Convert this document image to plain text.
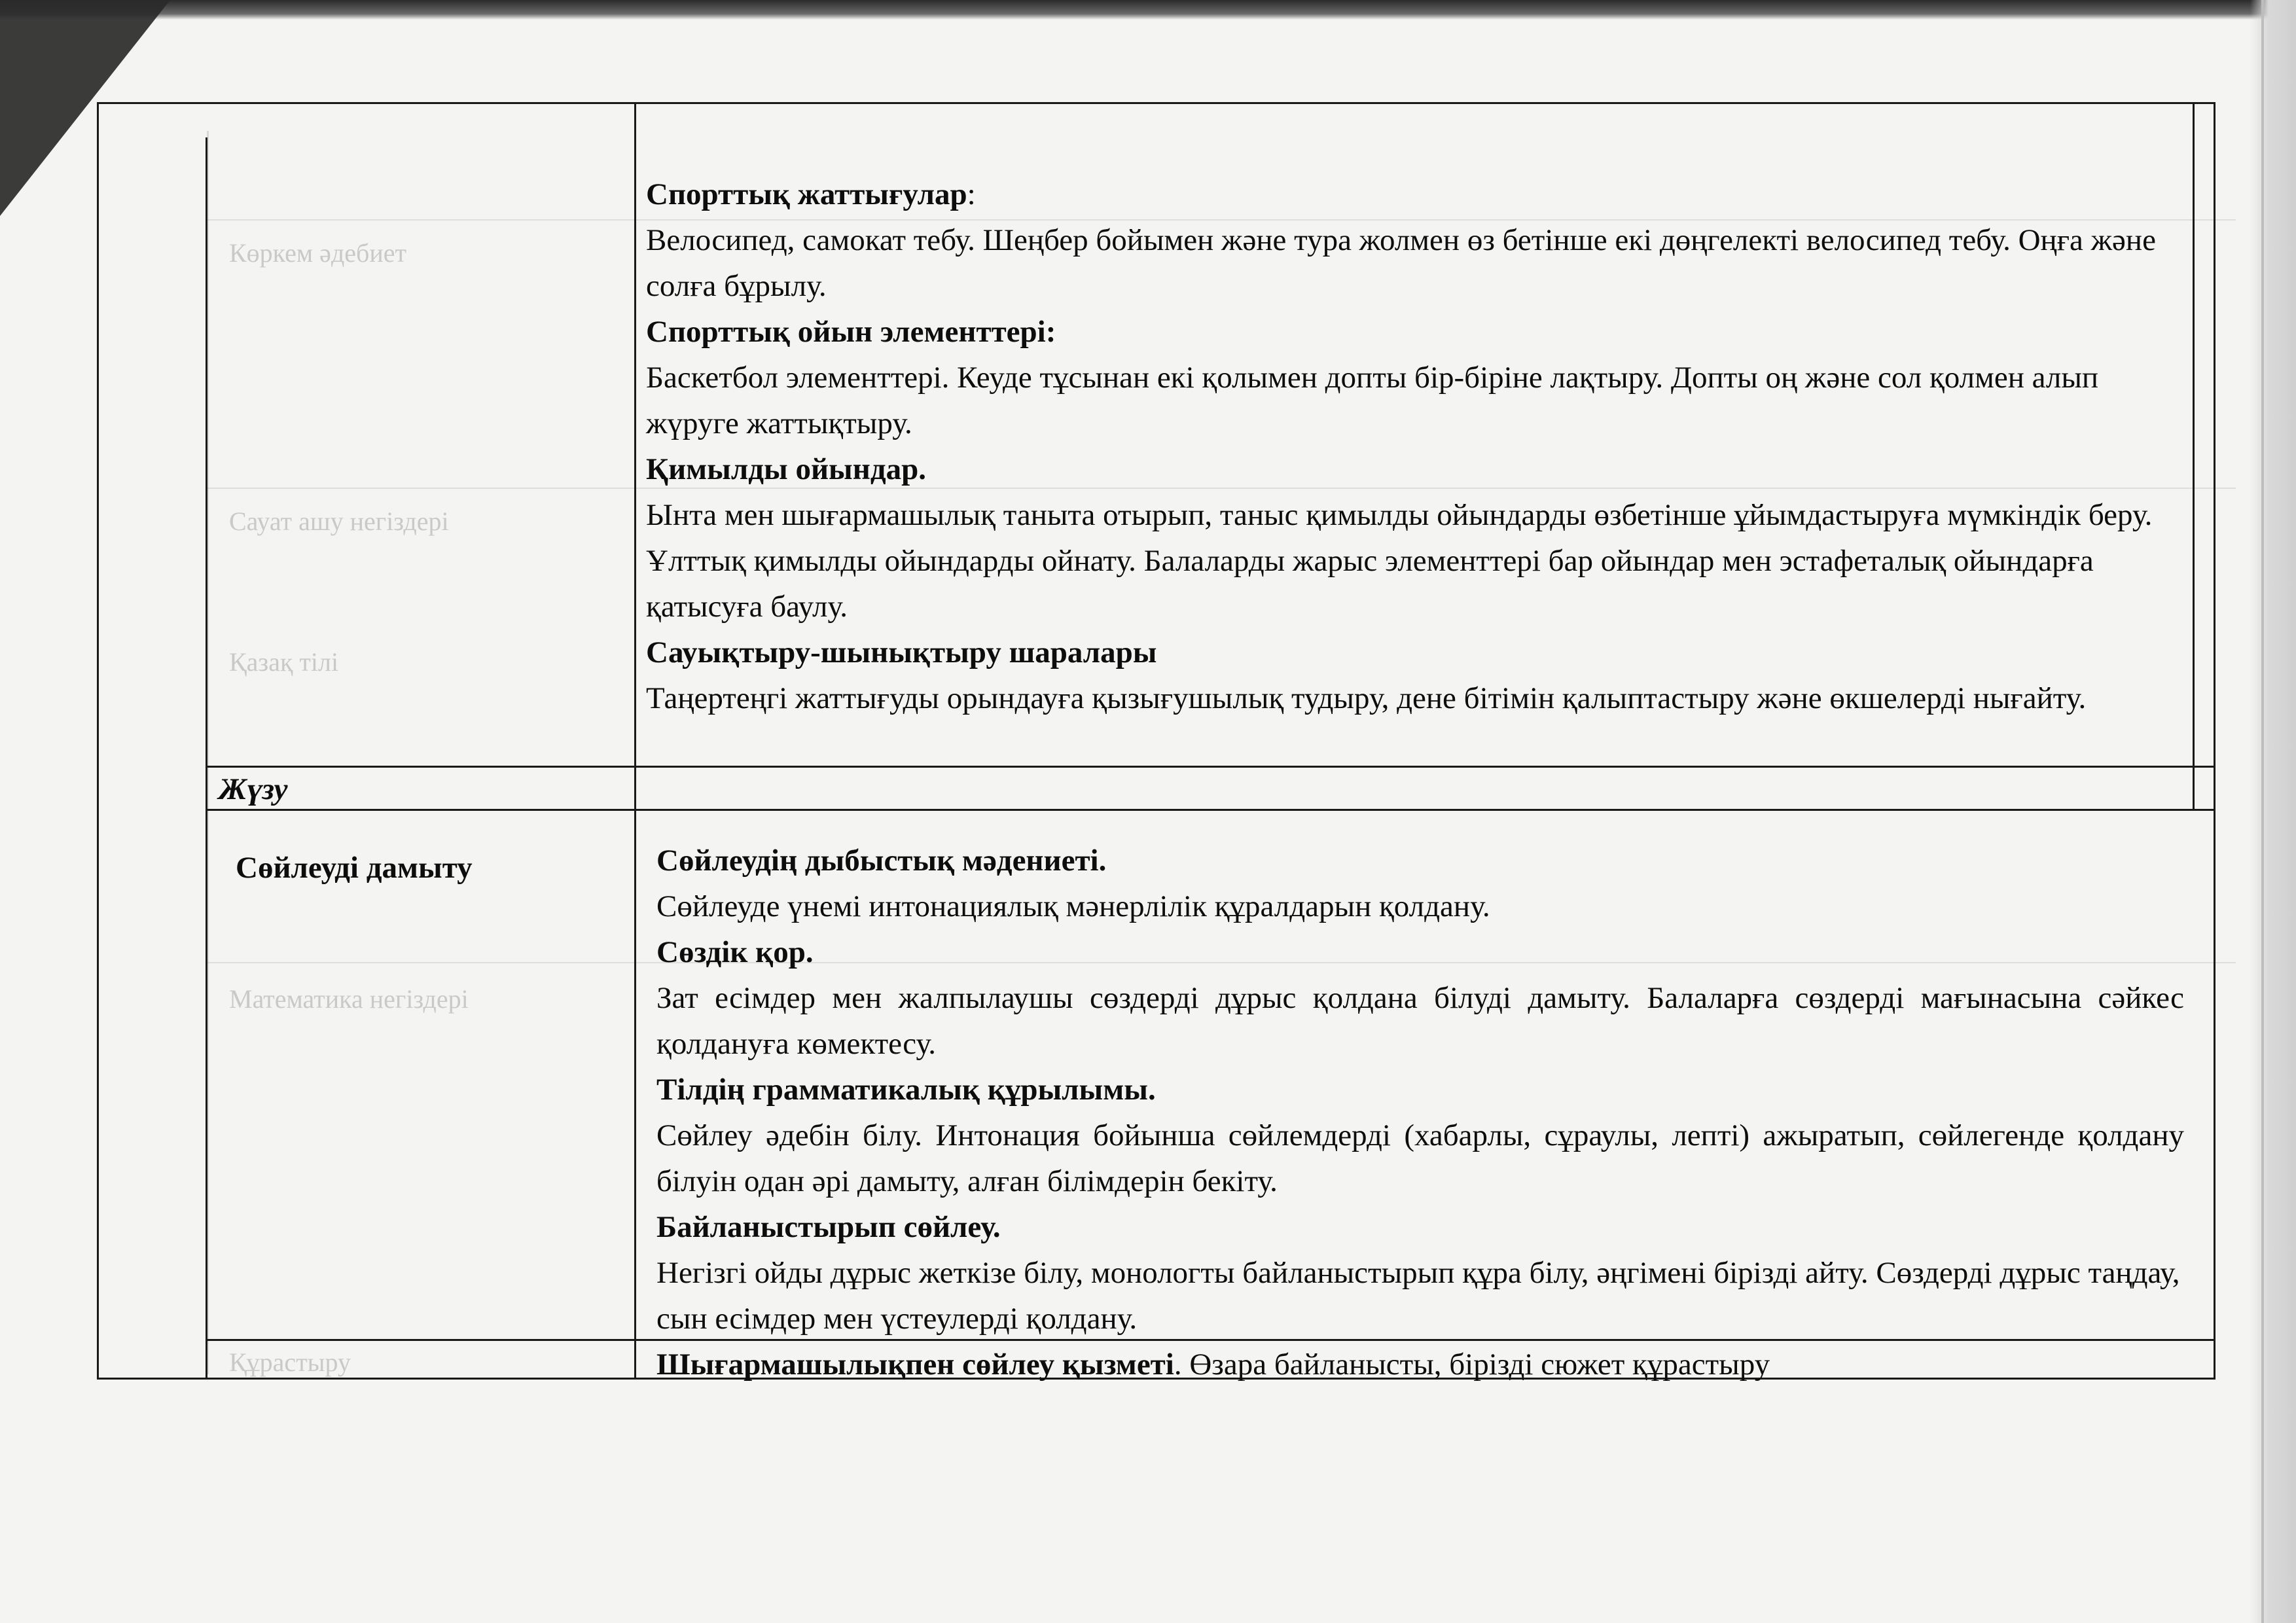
Көркем әдебиет
Сауат ашу негіздері
Қазақ тілі
Математика негіздері
Құрастыру

Спорттық жаттығулар:

Велосипед, самокат тебу. Шеңбер бойымен және тура жолмен өз бетінше екі дөңгелекті велосипед тебу. Оңға және солға бұрылу.

Спорттық ойын элементтері:

Баскетбол элементтері. Кеуде тұсынан екі қолымен допты бір-біріне лақтыру. Допты оң және сол қолмен алып жүруге жаттықтыру.

Қимылды ойындар.

Ынта мен шығармашылық таныта отырып, таныс қимылды ойындарды өзбетінше ұйымдастыруға мүмкіндік беру. Ұлттық қимылды ойындарды ойнату. Балаларды жарыс элементтері бар ойындар мен эстафеталық ойындарға қатысуға баулу.

Сауықтыру-шынықтыру шаралары

Таңертеңгі жаттығуды орындауға қызығушылық тудыру, дене бітімін қалыптастыру және өкшелерді нығайту.

Жүзу
Сөйлеуді дамыту	Сөйлеудің дыбыстық мәдениеті.

Сөйлеуде үнемі интонациялық мәнерлілік құралдарын қолдану.

Сөздік қор.

Зат есімдер мен жалпылаушы сөздерді дұрыс қолдана білуді дамыту. Балаларға сөздерді мағынасына сәйкес қолдануға көмектесу.

Тілдің грамматикалық құрылымы.

Сөйлеу әдебін білу. Интонация бойынша сөйлемдерді (хабарлы, сұраулы, лепті) ажыратып, сөйлегенде қолдану білуін одан әрі дамыту, алған білімдерін бекіту.

Байланыстырып сөйлеу.

Негізгі ойды дұрыс жеткізе білу, монологты байланыстырып құра білу, әңгімені бірізді айту. Сөздерді дұрыс таңдау, сын есімдер мен үстеулерді қолдану.

Шығармашылықпен сөйлеу қызметі. Өзара байланысты, бірізді сюжет құрастыру
